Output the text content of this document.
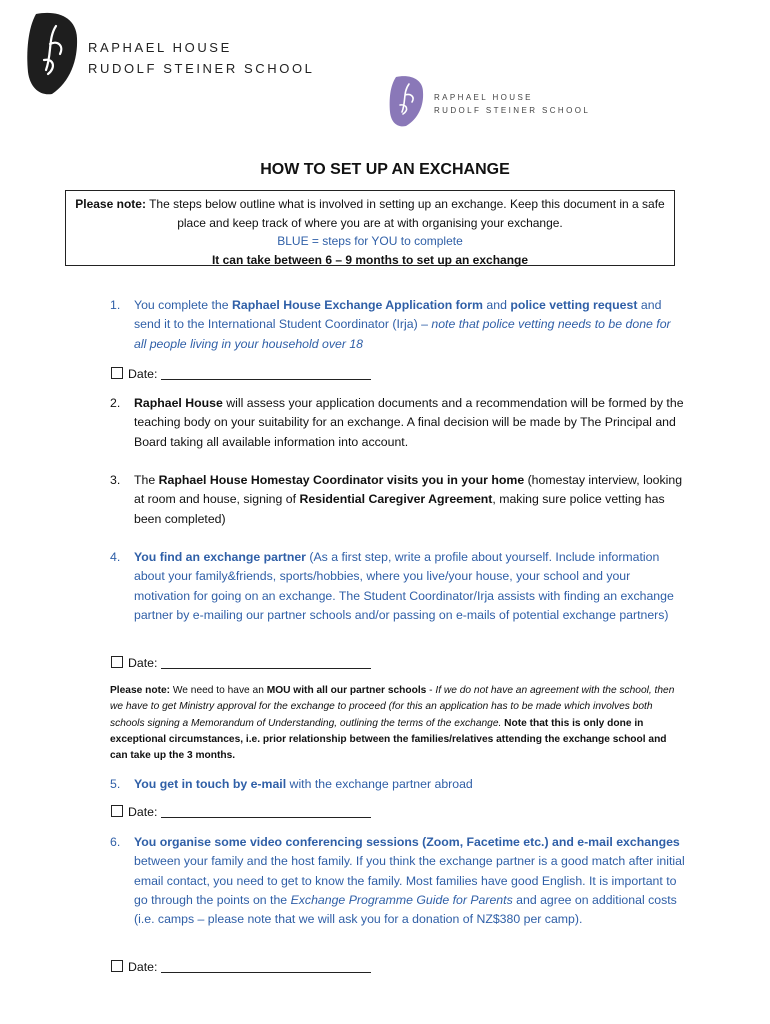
RAPHAEL HOUSE
RUDOLF STEINER SCHOOL
RAPHAEL HOUSE
RUDOLF STEINER SCHOOL
HOW TO SET UP AN EXCHANGE
Please note: The steps below outline what is involved in setting up an exchange. Keep this document in a safe place and keep track of where you are at with organising your exchange.
BLUE = steps for YOU to complete
It can take between 6 – 9 months to set up an exchange
1. You complete the Raphael House Exchange Application form and police vetting request and send it to the International Student Coordinator (Irja) – note that police vetting needs to be done for all people living in your household over 18
Date:
2. Raphael House will assess your application documents and a recommendation will be formed by the teaching body on your suitability for an exchange. A final decision will be made by The Principal and Board taking all available information into account.
3. The Raphael House Homestay Coordinator visits you in your home (homestay interview, looking at room and house, signing of Residential Caregiver Agreement, making sure police vetting has been completed)
4. You find an exchange partner (As a first step, write a profile about yourself. Include information about your family&friends, sports/hobbies, where you live/your house, your school and your motivation for going on an exchange. The Student Coordinator/Irja assists with finding an exchange partner by e-mailing our partner schools and/or passing on e-mails of potential exchange partners)
Date:
Please note: We need to have an MOU with all our partner schools - If we do not have an agreement with the school, then we have to get Ministry approval for the exchange to proceed (for this an application has to be made which involves both schools signing a Memorandum of Understanding, outlining the terms of the exchange. Note that this is only done in exceptional circumstances, i.e. prior relationship between the families/relatives attending the exchange school and can take up the 3 months.
5. You get in touch by e-mail with the exchange partner abroad
Date:
6. You organise some video conferencing sessions (Zoom, Facetime etc.) and e-mail exchanges between your family and the host family. If you think the exchange partner is a good match after initial email contact, you need to get to know the family. Most families have good English. It is important to go through the points on the Exchange Programme Guide for Parents and agree on additional costs (i.e. camps – please note that we will ask you for a donation of NZ$380 per camp).
Date:
